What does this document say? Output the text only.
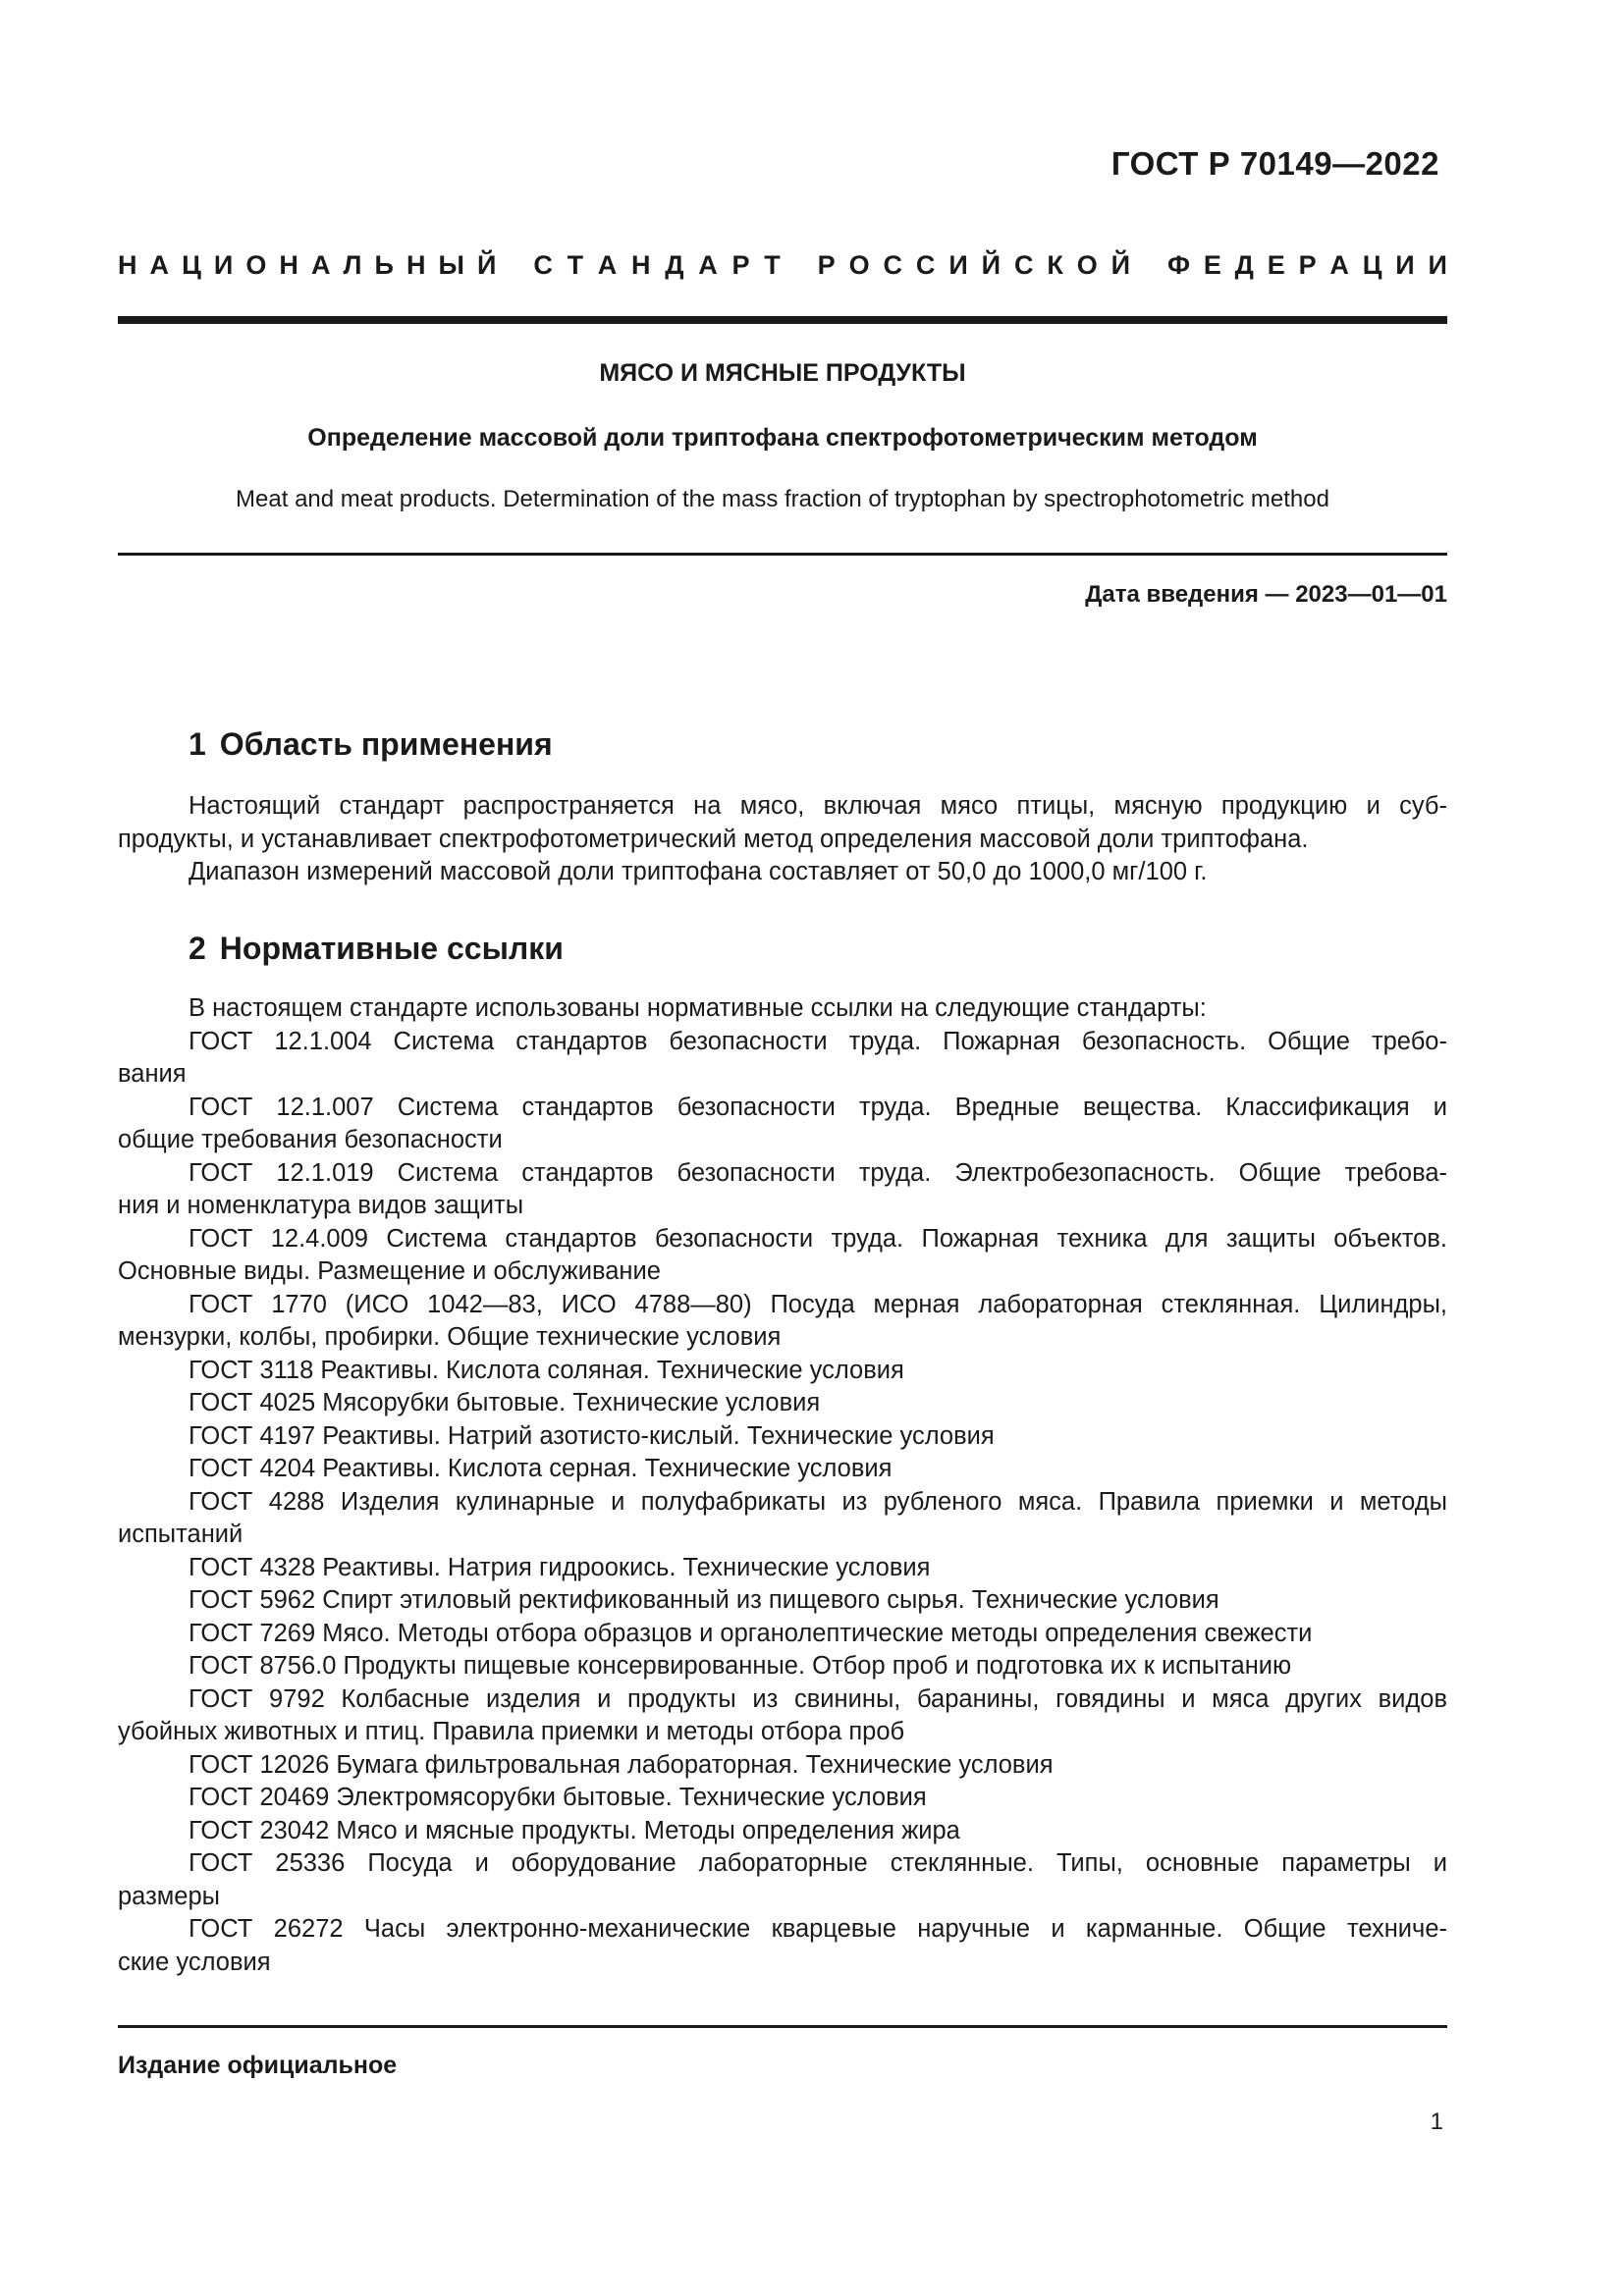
ГОСТ Р 70149—2022
Н А Ц И О Н А Л Ь Н Ы Й С Т А Н Д А Р Т Р О С С И Й С К О Й Ф Е Д Е Р А Ц И И
МЯСО И МЯСНЫЕ ПРОДУКТЫ
Определение массовой доли триптофана спектрофотометрическим методом
Meat and meat products. Determination of the mass fraction of tryptophan by spectrophotometric method
Дата введения — 2023—01—01
1 Область применения
Настоящий стандарт распространяется на мясо, включая мясо птицы, мясную продукцию и суб-
продукты, и устанавливает спектрофотометрический метод определения массовой доли триптофана.
Диапазон измерений массовой доли триптофана составляет от 50,0 до 1000,0 мг/100 г.
2 Нормативные ссылки
В настоящем стандарте использованы нормативные ссылки на следующие стандарты:
ГОСТ 12.1.004 Система стандартов безопасности труда. Пожарная безопасность. Общие требо-
вания
ГОСТ 12.1.007 Система стандартов безопасности труда. Вредные вещества. Классификация и
общие требования безопасности
ГОСТ 12.1.019 Система стандартов безопасности труда. Электробезопасность. Общие требова-
ния и номенклатура видов защиты
ГОСТ 12.4.009 Система стандартов безопасности труда. Пожарная техника для защиты объектов.
Основные виды. Размещение и обслуживание
ГОСТ 1770 (ИСО 1042—83, ИСО 4788—80) Посуда мерная лабораторная стеклянная. Цилиндры,
мензурки, колбы, пробирки. Общие технические условия
ГОСТ 3118 Реактивы. Кислота соляная. Технические условия
ГОСТ 4025 Мясорубки бытовые. Технические условия
ГОСТ 4197 Реактивы. Натрий азотисто-кислый. Технические условия
ГОСТ 4204 Реактивы. Кислота серная. Технические условия
ГОСТ 4288 Изделия кулинарные и полуфабрикаты из рубленого мяса. Правила приемки и методы
испытаний
ГОСТ 4328 Реактивы. Натрия гидроокись. Технические условия
ГОСТ 5962 Спирт этиловый ректификованный из пищевого сырья. Технические условия
ГОСТ 7269 Мясо. Методы отбора образцов и органолептические методы определения свежести
ГОСТ 8756.0 Продукты пищевые консервированные. Отбор проб и подготовка их к испытанию
ГОСТ 9792 Колбасные изделия и продукты из свинины, баранины, говядины и мяса других видов
убойных животных и птиц. Правила приемки и методы отбора проб
ГОСТ 12026 Бумага фильтровальная лабораторная. Технические условия
ГОСТ 20469 Электромясорубки бытовые. Технические условия
ГОСТ 23042 Мясо и мясные продукты. Методы определения жира
ГОСТ 25336 Посуда и оборудование лабораторные стеклянные. Типы, основные параметры и
размеры
ГОСТ 26272 Часы электронно-механические кварцевые наручные и карманные. Общие техниче-
ские условия
Издание официальное
1
